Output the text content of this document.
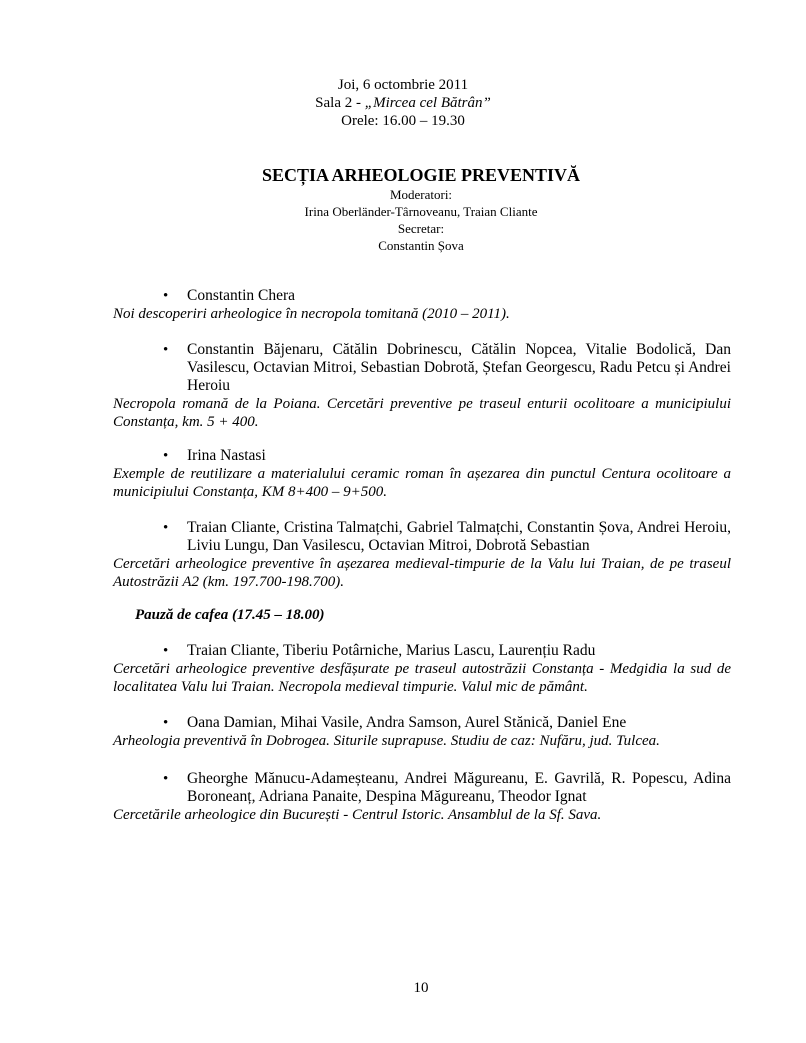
Joi, 6 octombrie 2011
Sala 2 - „Mircea cel Bătrân”
Orele: 16.00 – 19.30
SECȚIA ARHEOLOGIE PREVENTIVĂ
Moderatori:
Irina Oberländer-Târnoveanu, Traian Cliante
Secretar:
Constantin Șova
• Constantin Chera
Noi descoperiri arheologice în necropola tomitană (2010 – 2011).
• Constantin Băjenaru, Cătălin Dobrinescu, Cătălin Nopcea, Vitalie Bodolică, Dan Vasilescu, Octavian Mitroi, Sebastian Dobrotă, Ștefan Georgescu, Radu Petcu și Andrei Heroiu
Necropola romană de la Poiana. Cercetări preventive pe traseul enturii ocolitoare a municipiului Constanța, km. 5 + 400.
• Irina Nastasi
Exemple de reutilizare a materialului ceramic roman în așezarea din punctul Centura ocolitoare a municipiului Constanța, KM 8+400 – 9+500.
• Traian Cliante, Cristina Talmațchi, Gabriel Talmațchi, Constantin Șova, Andrei Heroiu, Liviu Lungu, Dan Vasilescu, Octavian Mitroi, Dobrotă Sebastian
Cercetări arheologice preventive în așezarea medieval-timpurie de la Valu lui Traian, de pe traseul Autostrăzii A2 (km. 197.700-198.700).
Pauză de cafea (17.45 – 18.00)
• Traian Cliante, Tiberiu Potârniche, Marius Lascu, Laurențiu Radu
Cercetări arheologice preventive desfășurate pe traseul autostrăzii Constanța - Medgidia la sud de localitatea Valu lui Traian. Necropola medieval timpurie. Valul mic de pământ.
• Oana Damian, Mihai Vasile, Andra Samson, Aurel Stănică, Daniel Ene
Arheologia preventivă în Dobrogea. Siturile suprapuse. Studiu de caz: Nufăru, jud. Tulcea.
• Gheorghe Mănucu-Adameșteanu, Andrei Măgureanu, E. Gavrilă, R. Popescu, Adina Boroneanț, Adriana Panaite, Despina Măgureanu, Theodor Ignat
Cercetările arheologice din București - Centrul Istoric. Ansamblul de la Sf. Sava.
10
